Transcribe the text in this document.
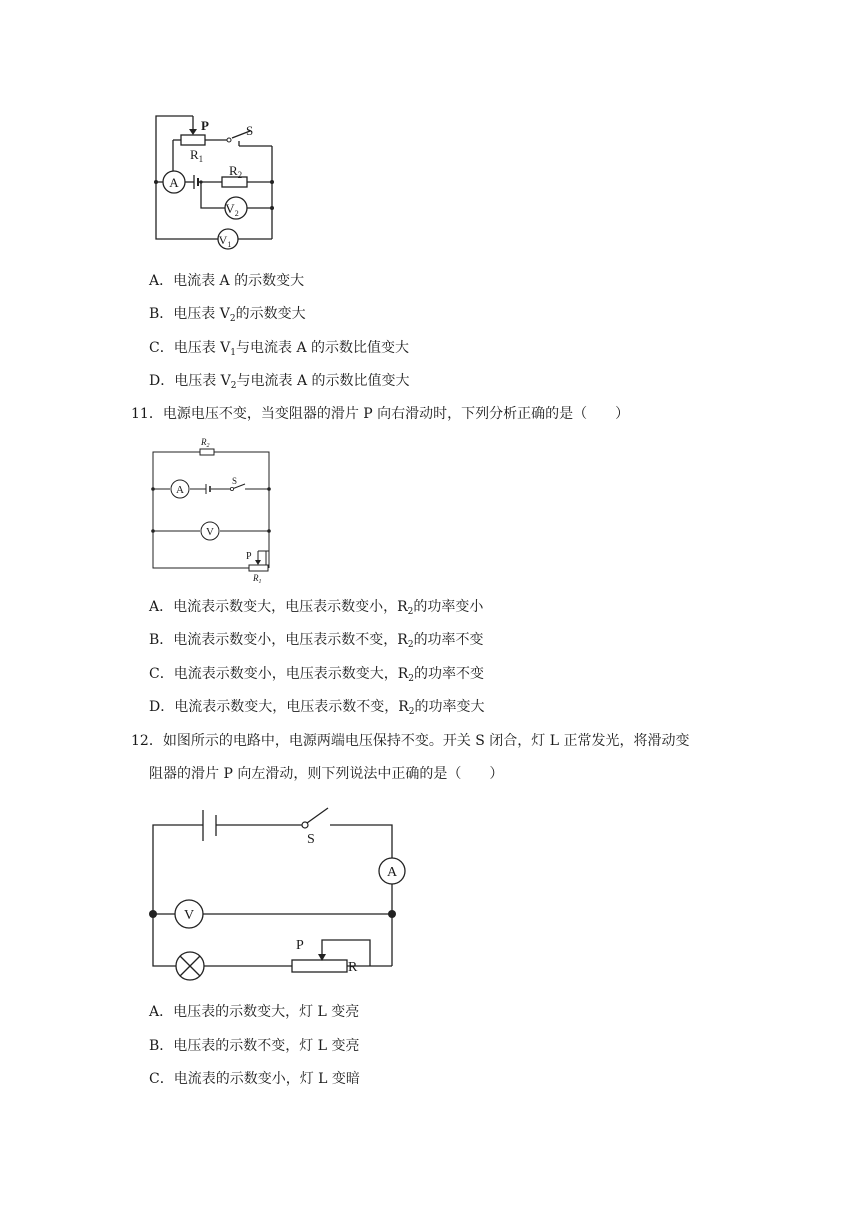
P	S
$R_1$
$R_2$
A
$V_2$
$V_1$
A．电流表 A 的示数变大
B．电压表 $V_2$的示数变大
C．电压表 $V_1$与电流表 A 的示数比值变大
D．电压表 $V_2$与电流表 A 的示数比值变大
11．电源电压不变，当变阻器的滑片 P 向右滑动时，下列分析正确的是（　　）
$R_2$
A
S
V
P
$R_1$
A．电流表示数变大，电压表示数变小，$R_2$的功率变小
B．电流表示数变小，电压表示数不变，$R_2$的功率不变
C．电流表示数变小，电压表示数变大，$R_2$的功率不变
D．电流表示数变大，电压表示数不变，$R_2$的功率变大
12．如图所示的电路中，电源两端电压保持不变。开关 S 闭合，灯 L 正常发光，将滑动变
阻器的滑片 P 向左滑动，则下列说法中正确的是（　　）
S
A
V
P
R
A．电压表的示数变大，灯 L 变亮
B．电压表的示数不变，灯 L 变亮
C．电流表的示数变小，灯 L 变暗
